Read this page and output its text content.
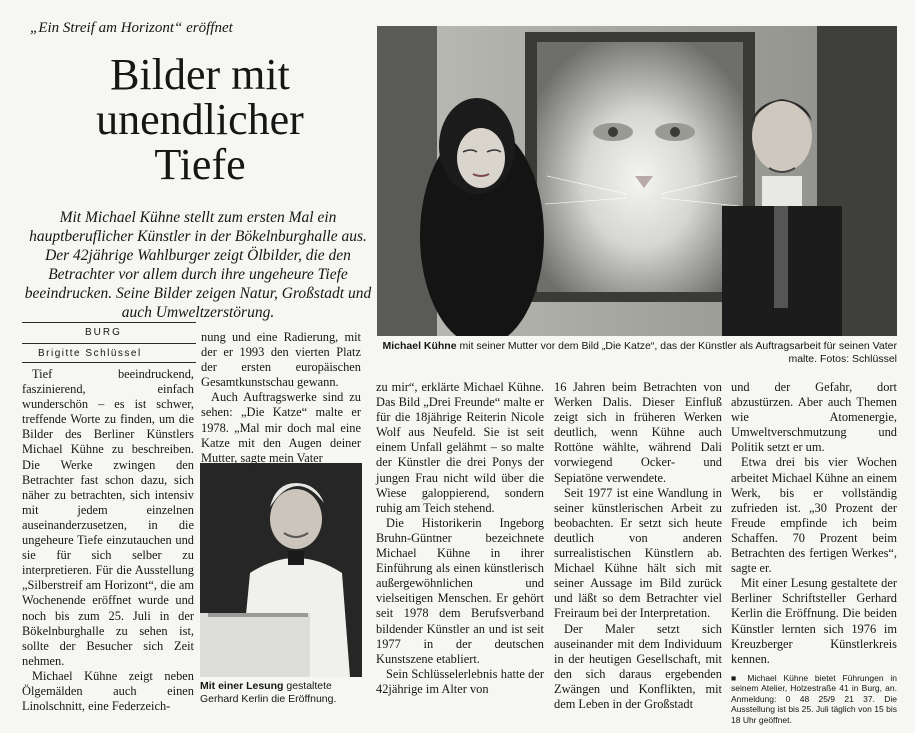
„Ein Streif am Horizont“ eröffnet
Bilder mit
unendlicher
Tiefe
Mit Michael Kühne stellt zum ersten Mal ein hauptberuflicher Künstler in der Bökelnburghalle aus. Der 42jährige Wahlburger zeigt Ölbilder, die den Betrachter vor allem durch ihre ungeheure Tiefe beeindrucken. Seine Bilder zeigen Natur, Großstadt und auch Umweltzerstörung.
BURG
Brigitte Schlüssel
Michael Kühne mit seiner Mutter vor dem Bild „Die Katze“, das der Künstler als Auftragsarbeit für seinen Vater malte. Fotos: Schlüssel
Mit einer Lesung gestaltete Gerhard Kerlin die Eröffnung.

Tief beeindruckend, faszinierend, einfach wunderschön – es ist schwer, treffende Worte zu finden, um die Bilder des Berliner Künstlers Michael Kühne zu beschreiben. Die Werke zwingen den Betrachter fast schon dazu, sich näher zu betrachten, sich intensiv mit jedem einzelnen auseinanderzusetzen, in die ungeheure Tiefe einzutauchen und sie für sich selber zu interpretieren. Für die Ausstellung „Silberstreif am Horizont“, die am Wochenende eröffnet wurde und noch bis zum 25. Juli in der Bökelnburghalle zu sehen ist, sollte der Besucher sich Zeit nehmen.

Michael Kühne zeigt neben Ölgemälden auch einen Linolschnitt, eine Federzeich-

nung und eine Radierung, mit der er 1993 den vierten Platz der ersten europäischen Gesamtkunstschau gewann.

Auch Auftragswerke sind zu sehen: „Die Katze“ malte er 1978. „Mal mir doch mal eine Katze mit den Augen deiner Mutter, sagte mein Vater

zu mir“, erklärte Michael Kühne. Das Bild „Drei Freunde“ malte er für die 18jährige Reiterin Nicole Wolf aus Neufeld. Sie ist seit einem Unfall gelähmt – so malte der Künstler die drei Ponys der jungen Frau nicht wild über die Wiese galoppierend, sondern ruhig am Teich stehend.

Die Historikerin Ingeborg Bruhn-Güntner bezeichnete Michael Kühne in ihrer Einführung als einen künstlerisch außergewöhnlichen und vielseitigen Menschen. Er gehört seit 1978 dem Berufsverband bildender Künstler an und ist seit 1977 in der deutschen Kunstszene etabliert.

Sein Schlüsselerlebnis hatte der 42jährige im Alter von

16 Jahren beim Betrachten von Werken Dalis. Dieser Einfluß zeigt sich in früheren Werken deutlich, wenn Kühne auch Rottöne wählte, während Dali vorwiegend Ocker- und Sepiatöne verwendete.

Seit 1977 ist eine Wandlung in seiner künstlerischen Arbeit zu beobachten. Er setzt sich heute deutlich von anderen surrealistischen Künstlern ab. Michael Kühne hält sich mit seiner Aussage im Bild zurück und läßt so dem Betrachter viel Freiraum bei der Interpretation.

Der Maler setzt sich auseinander mit dem Individuum in der heutigen Gesellschaft, mit den sich daraus ergebenden Zwängen und Konflikten, mit dem Leben in der Großstadt

und der Gefahr, dort abzustürzen. Aber auch Themen wie Atomenergie, Umweltverschmutzung und Politik setzt er um.

Etwa drei bis vier Wochen arbeitet Michael Kühne an einem Werk, bis er vollständig zufrieden ist. „30 Prozent der Freude empfinde ich beim Schaffen. 70 Prozent beim Betrachten des fertigen Werkes“, sagte er.

Mit einer Lesung gestaltete der Berliner Schriftsteller Gerhard Kerlin die Eröffnung. Die beiden Künstler lernten sich 1976 im Kreuzberger Künstlerkreis kennen.

■ Michael Kühne bietet Führungen in seinem Atelier, Holzestraße 41 in Burg, an. Anmeldung: 0 48 25/9 21 37. Die Ausstellung ist bis 25. Juli täglich von 15 bis 18 Uhr geöffnet.
